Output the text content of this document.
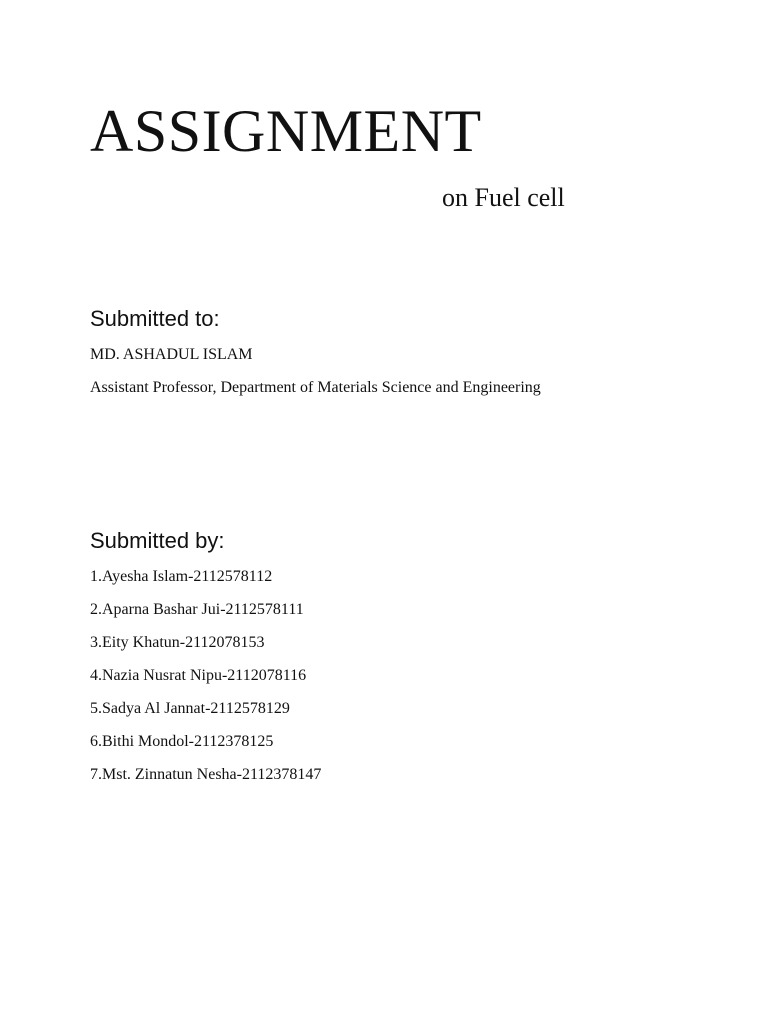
ASSIGNMENT
on Fuel cell
Submitted to:
MD. ASHADUL ISLAM
Assistant Professor, Department of Materials Science and Engineering
Submitted by:
1.Ayesha Islam-2112578112
2.Aparna Bashar Jui-2112578111
3.Eity Khatun-2112078153
4.Nazia Nusrat Nipu-2112078116
5.Sadya Al Jannat-2112578129
6.Bithi Mondol-2112378125
7.Mst. Zinnatun Nesha-2112378147
